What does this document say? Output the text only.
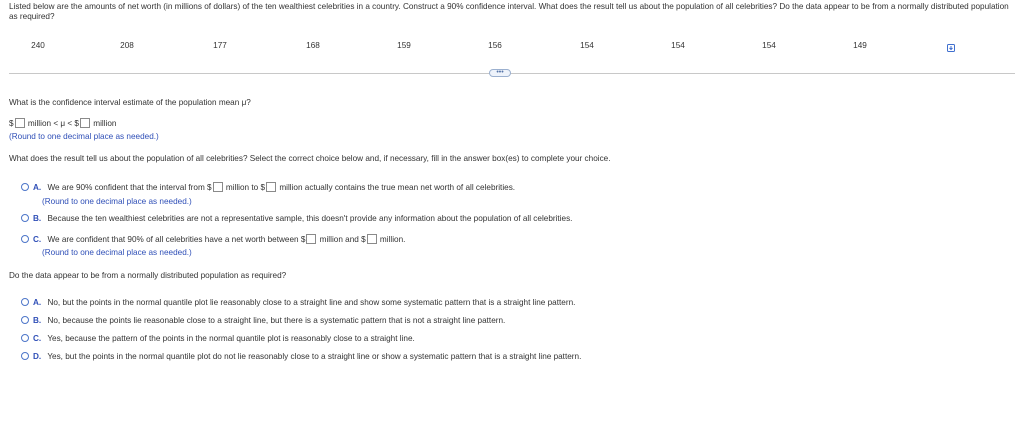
Listed below are the amounts of net worth (in millions of dollars) of the ten wealthiest celebrities in a country. Construct a 90% confidence interval. What does the result tell us about the population of all celebrities? Do the data appear to be from a normally distributed population as required?
240	208	177	168	159	156	154	154	154	149
•••
What is the confidence interval estimate of the population mean μ?
$ million < μ < $ million
(Round to one decimal place as needed.)
What does the result tell us about the population of all celebrities? Select the correct choice below and, if necessary, fill in the answer box(es) to complete your choice.
A. We are 90% confident that the interval from $ million to $ million actually contains the true mean net worth of all celebrities.
(Round to one decimal place as needed.)
B. Because the ten wealthiest celebrities are not a representative sample, this doesn't provide any information about the population of all celebrities.
C. We are confident that 90% of all celebrities have a net worth between $ million and $ million.
(Round to one decimal place as needed.)
Do the data appear to be from a normally distributed population as required?
A. No, but the points in the normal quantile plot lie reasonably close to a straight line and show some systematic pattern that is a straight line pattern.
B. No, because the points lie reasonable close to a straight line, but there is a systematic pattern that is not a straight line pattern.
C. Yes, because the pattern of the points in the normal quantile plot is reasonably close to a straight line.
D. Yes, but the points in the normal quantile plot do not lie reasonably close to a straight line or show a systematic pattern that is a straight line pattern.
